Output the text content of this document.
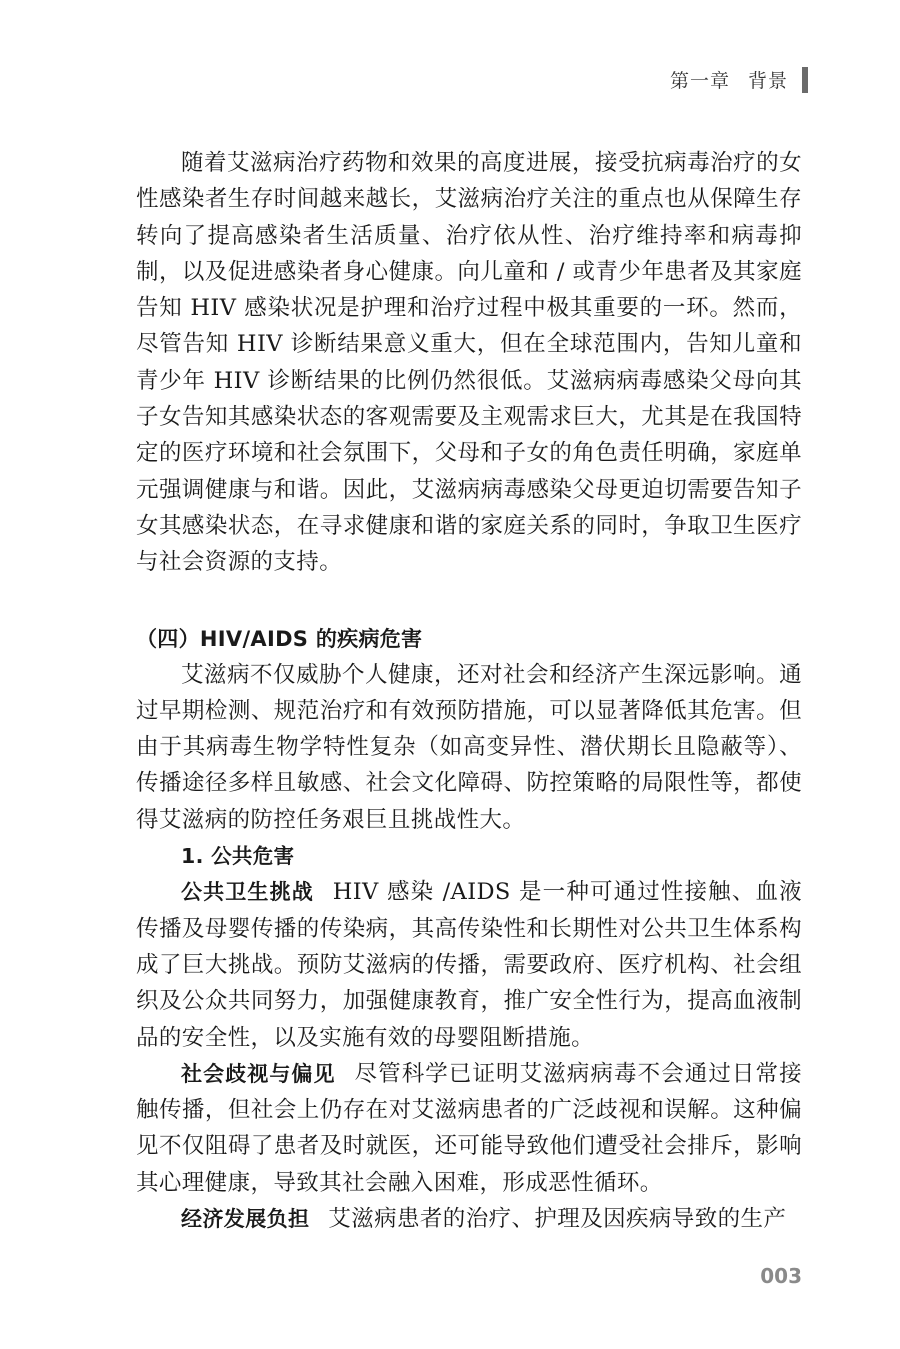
第一章 背景

随着艾滋病治疗药物和效果的高度进展，接受抗病毒治疗的女性感染者生存时间越来越长，艾滋病治疗关注的重点也从保障生存转向了提高感染者生活质量、治疗依从性、治疗维持率和病毒抑制，以及促进感染者身心健康。向儿童和 / 或青少年患者及其家庭告知 HIV 感染状况是护理和治疗过程中极其重要的一环。然而，尽管告知 HIV 诊断结果意义重大，但在全球范围内，告知儿童和青少年 HIV 诊断结果的比例仍然很低。艾滋病病毒感染父母向其子女告知其感染状态的客观需要及主观需求巨大，尤其是在我国特定的医疗环境和社会氛围下，父母和子女的角色责任明确，家庭单元强调健康与和谐。因此，艾滋病病毒感染父母更迫切需要告知子女其感染状态，在寻求健康和谐的家庭关系的同时，争取卫生医疗与社会资源的支持。

（四）HIV/AIDS 的疾病危害

艾滋病不仅威胁个人健康，还对社会和经济产生深远影响。通过早期检测、规范治疗和有效预防措施，可以显著降低其危害。但由于其病毒生物学特性复杂（如高变异性、潜伏期长且隐蔽等）、传播途径多样且敏感、社会文化障碍、防控策略的局限性等，都使得艾滋病的防控任务艰巨且挑战性大。

1. 公共危害

公共卫生挑战 HIV 感染 /AIDS 是一种可通过性接触、血液传播及母婴传播的传染病，其高传染性和长期性对公共卫生体系构成了巨大挑战。预防艾滋病的传播，需要政府、医疗机构、社会组织及公众共同努力，加强健康教育，推广安全性行为，提高血液制品的安全性，以及实施有效的母婴阻断措施。

社会歧视与偏见 尽管科学已证明艾滋病病毒不会通过日常接触传播，但社会上仍存在对艾滋病患者的广泛歧视和误解。这种偏见不仅阻碍了患者及时就医，还可能导致他们遭受社会排斥，影响其心理健康，导致其社会融入困难，形成恶性循环。

经济发展负担 艾滋病患者的治疗、护理及因疾病导致的生产

003
